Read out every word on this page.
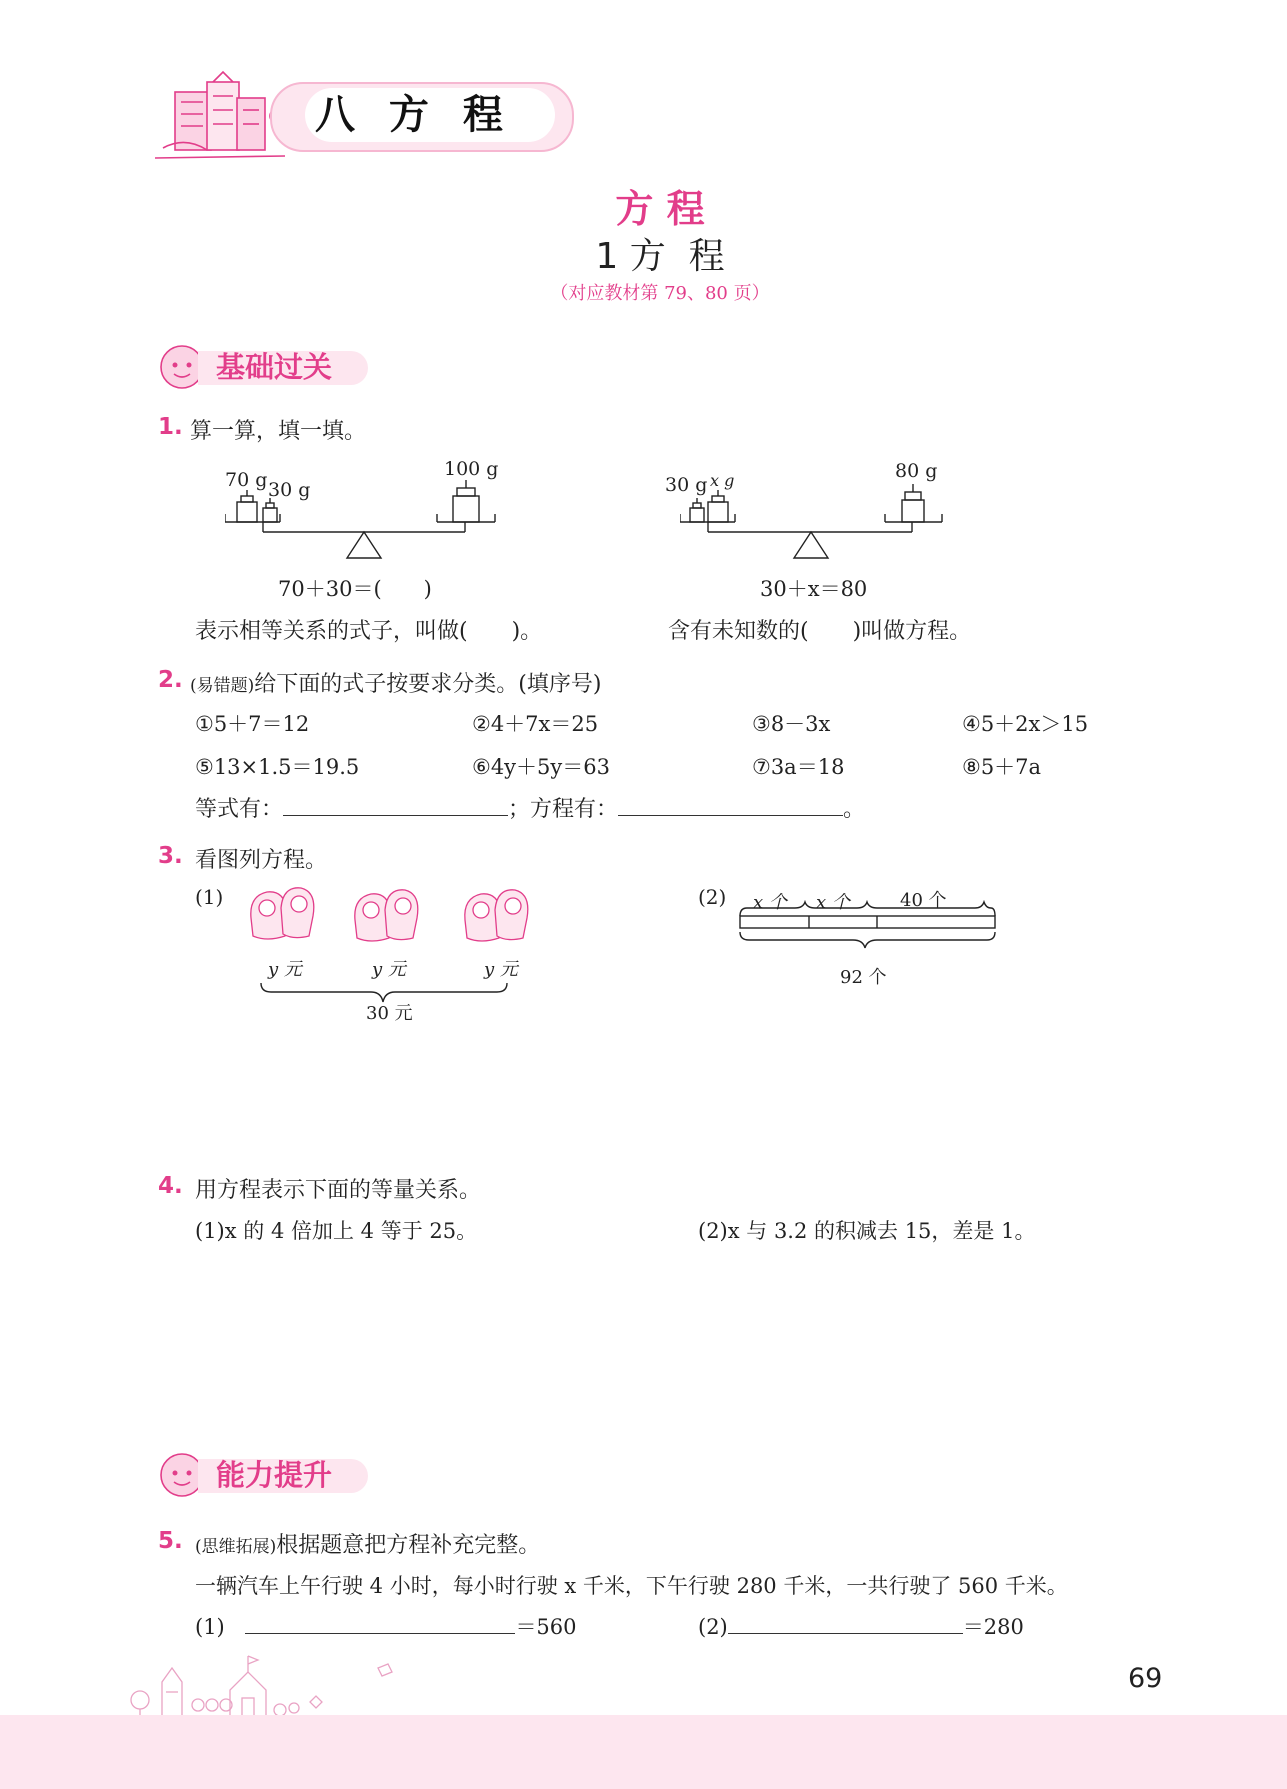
八 方 程
方 程
1 方  程
（对应教材第 79、80 页）
基础过关
1. 算一算，填一填。
70 g 30 g
100 g
70＋30＝(　　)
30 g x g	80 g
30＋x＝80
表示相等关系的式子，叫做(　　)。	含有未知数的(　　)叫做方程。
2. (易错题)给下面的式子按要求分类。(填序号)
①5＋7＝12	②4＋7x＝25	③8－3x	④5＋2x＞15
⑤13×1.5＝19.5	⑥4y＋5y＝63	⑦3a＝18	⑧5＋7a
等式有：	；方程有：	。
3. 看图列方程。
(1)
y 元	y 元	y 元
30 元
(2) x 个 x 个	40 个
92 个
4. 用方程表示下面的等量关系。
(1)x 的 4 倍加上 4 等于 25。	(2)x 与 3.2 的积减去 15，差是 1。
能力提升
5. (思维拓展)根据题意把方程补充完整。
一辆汽车上午行驶 4 小时，每小时行驶 x 千米，下午行驶 280 千米，一共行驶了 560 千米。
(1)	＝560	(2)	＝280
69
